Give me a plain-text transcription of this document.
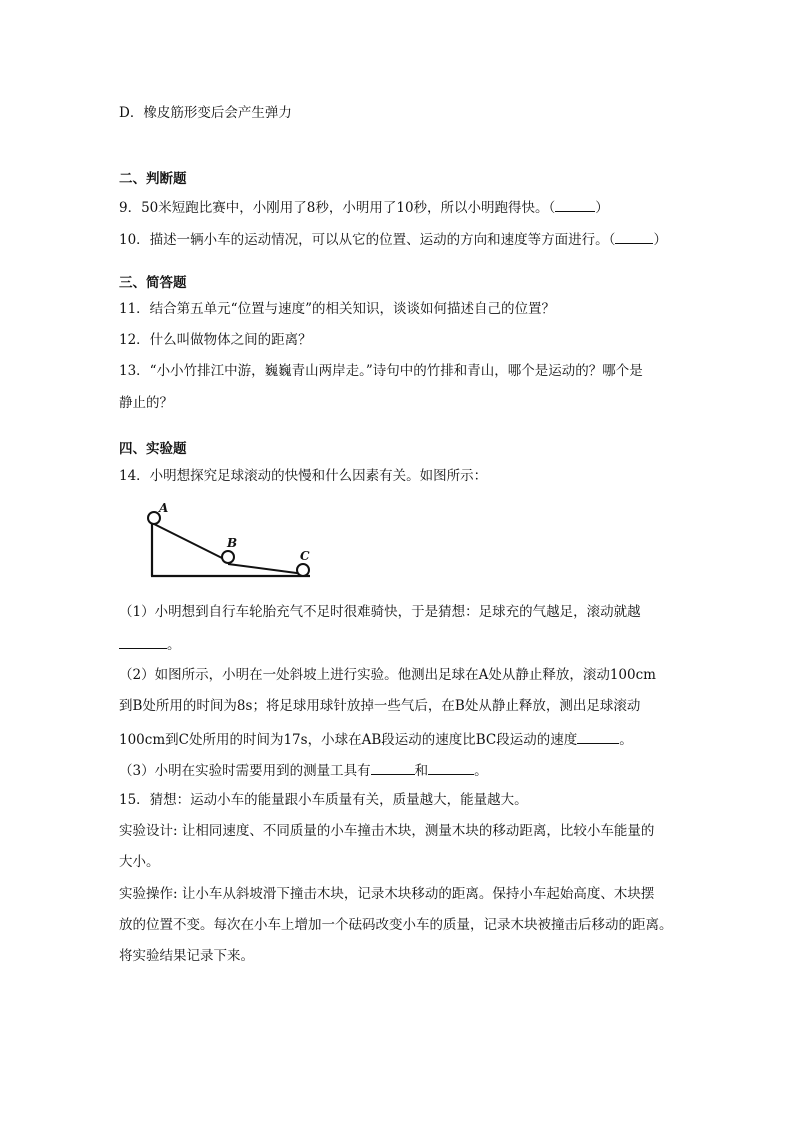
D．橡皮筋形变后会产生弹力
二、判断题
9．50米短跑比赛中，小刚用了8秒，小明用了10秒，所以小明跑得快。（	）
10．描述一辆小车的运动情况，可以从它的位置、运动的方向和速度等方面进行。（	）
三、简答题
11．结合第五单元“位置与速度”的相关知识，谈谈如何描述自己的位置？
12．什么叫做物体之间的距离？
13．“小小竹排江中游，巍巍青山两岸走。”诗句中的竹排和青山，哪个是运动的？哪个是
静止的？
四、实验题
14．小明想探究足球滚动的快慢和什么因素有关。如图所示：
A
B
C
（1）小明想到自行车轮胎充气不足时很难骑快，于是猜想：足球充的气越足，滚动就越
。
（2）如图所示，小明在一处斜坡上进行实验。他测出足球在A处从静止释放，滚动100cm
到B处所用的时间为8s；将足球用球针放掉一些气后，在B处从静止释放，测出足球滚动
100cm到C处所用的时间为17s，小球在AB段运动的速度比BC段运动的速度	。
（3）小明在实验时需要用到的测量工具有	和	。
15．猜想：运动小车的能量跟小车质量有关，质量越大，能量越大。
实验设计: 让相同速度、不同质量的小车撞击木块，测量木块的移动距离，比较小车能量的
大小。
实验操作: 让小车从斜坡滑下撞击木块，记录木块移动的距离。保持小车起始高度、木块摆
放的位置不变。每次在小车上增加一个砝码改变小车的质量，记录木块被撞击后移动的距离。
将实验结果记录下来。
